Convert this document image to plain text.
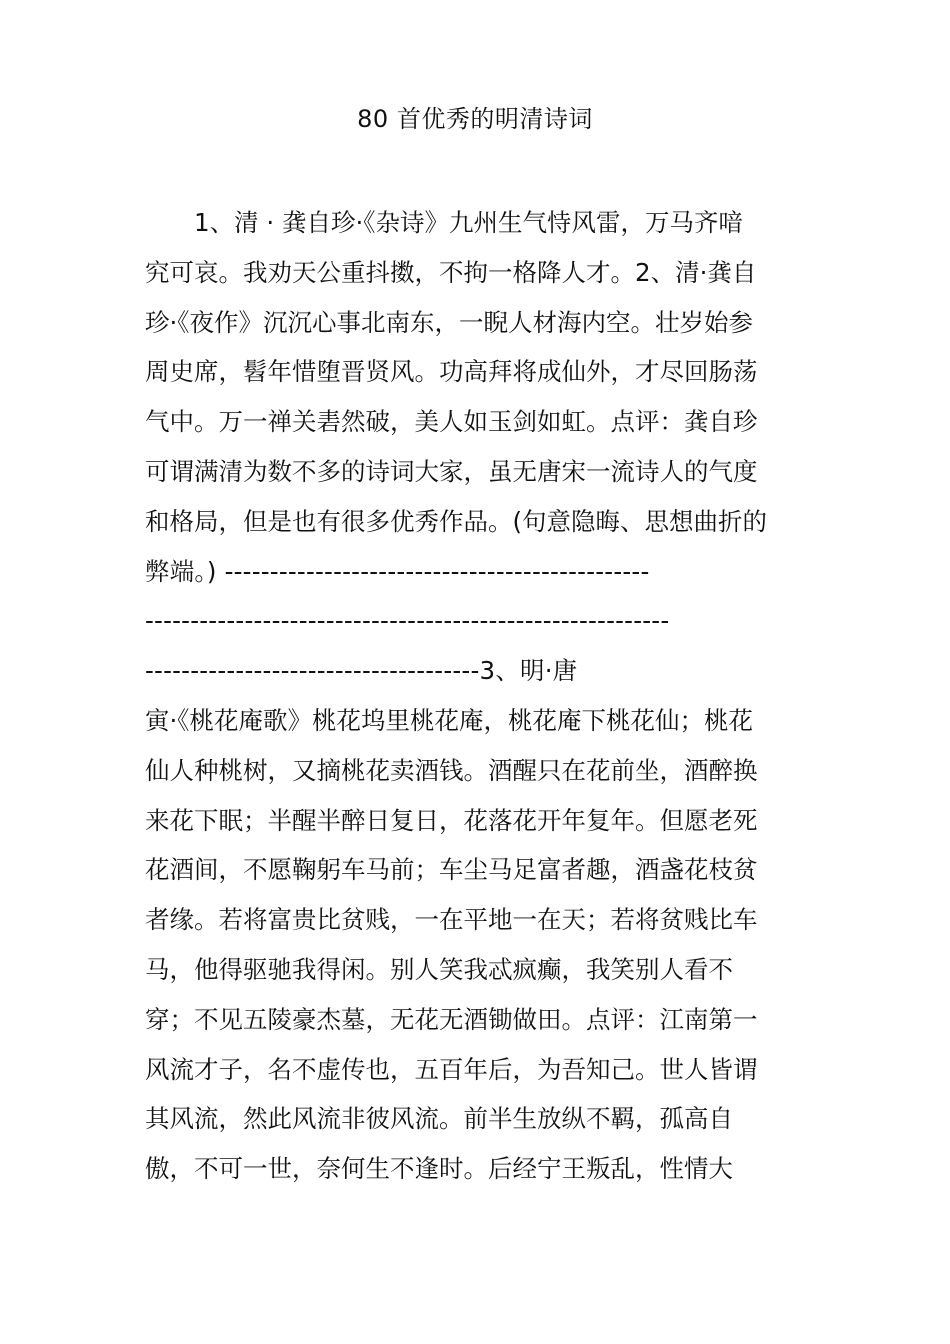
80 首优秀的明清诗词
1、清 · 龚自珍·《杂诗》九州生气恃风雷，万马齐喑
究可哀。我劝天公重抖擞，不拘一格降人才。2、清·龚自
珍·《夜作》沉沉心事北南东，一睨人材海内空。壮岁始参
周史席，髫年惜堕晋贤风。功高拜将成仙外，才尽回肠荡
气中。万一禅关砉然破，美人如玉剑如虹。点评：龚自珍
可谓满清为数不多的诗词大家，虽无唐宋一流诗人的气度
和格局，但是也有很多优秀作品。(句意隐晦、思想曲折的
弊端。) -----------------------------------------------
----------------------------------------------------------
-------------------------------------3、明·唐
寅·《桃花庵歌》桃花坞里桃花庵，桃花庵下桃花仙；桃花
仙人种桃树，又摘桃花卖酒钱。酒醒只在花前坐，酒醉换
来花下眠；半醒半醉日复日，花落花开年复年。但愿老死
花酒间，不愿鞠躬车马前；车尘马足富者趣，酒盏花枝贫
者缘。若将富贵比贫贱，一在平地一在天；若将贫贱比车
马，他得驱驰我得闲。别人笑我忒疯癫，我笑别人看不
穿；不见五陵豪杰墓，无花无酒锄做田。点评：江南第一
风流才子，名不虚传也，五百年后，为吾知己。世人皆谓
其风流，然此风流非彼风流。前半生放纵不羁，孤高自
傲，不可一世，奈何生不逢时。后经宁王叛乱，性情大
